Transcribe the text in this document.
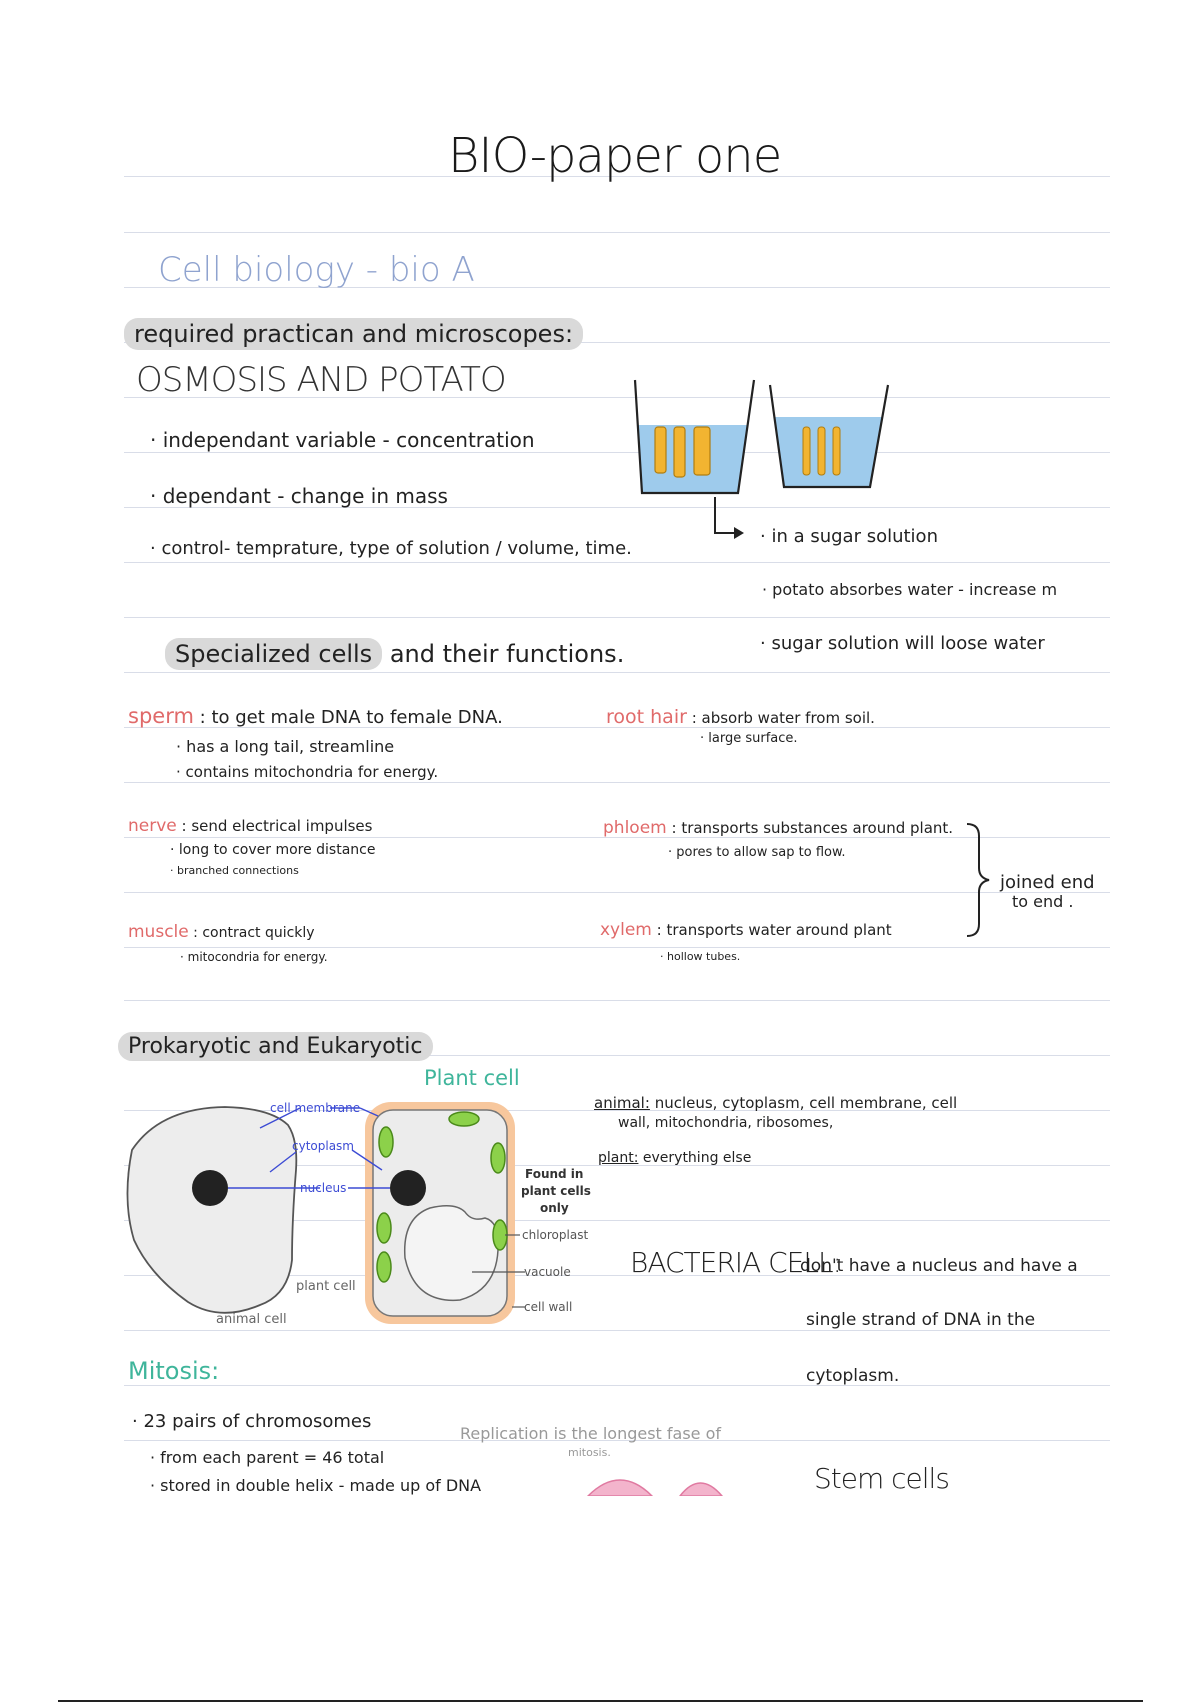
BIO-paper one
Cell biology - bio A
required practican and microscopes:
OSMOSIS AND POTATO
· independant variable - concentration
· dependant - change in mass
· control- temprature, type of solution / volume, time.
· in a sugar solution
· potato absorbes water - increase m
· sugar solution will loose water
Specialized cells and their functions.
sperm : to get male DNA to female DNA.
· has a long tail, streamline
· contains mitochondria for energy.
root hair : absorb water from soil.
· large surface.
nerve : send electrical impulses
· long to cover more distance
· branched connections
phloem : transports substances around plant.
· pores to allow sap to flow.
muscle : contract quickly
· mitocondria for energy.
xylem : transports water around plant
· hollow tubes.
joined end
to end .
Prokaryotic and Eukaryotic
Plant cell
cell membrane
cytoplasm
nucleus
Found in
plant cells
only
chloroplast
vacuole
cell wall
plant cell
animal cell
animal: nucleus, cytoplasm, cell membrane, cell
wall, mitochondria, ribosomes,
plant: everything else
BACTERIA CELL:
don't have a nucleus and have a
single strand of DNA in the
cytoplasm.
Mitosis:
· 23 pairs of chromosomes
· from each parent = 46 total
· stored in double helix - made up of DNA
Replication is the longest fase of
mitosis.
Stem cells
